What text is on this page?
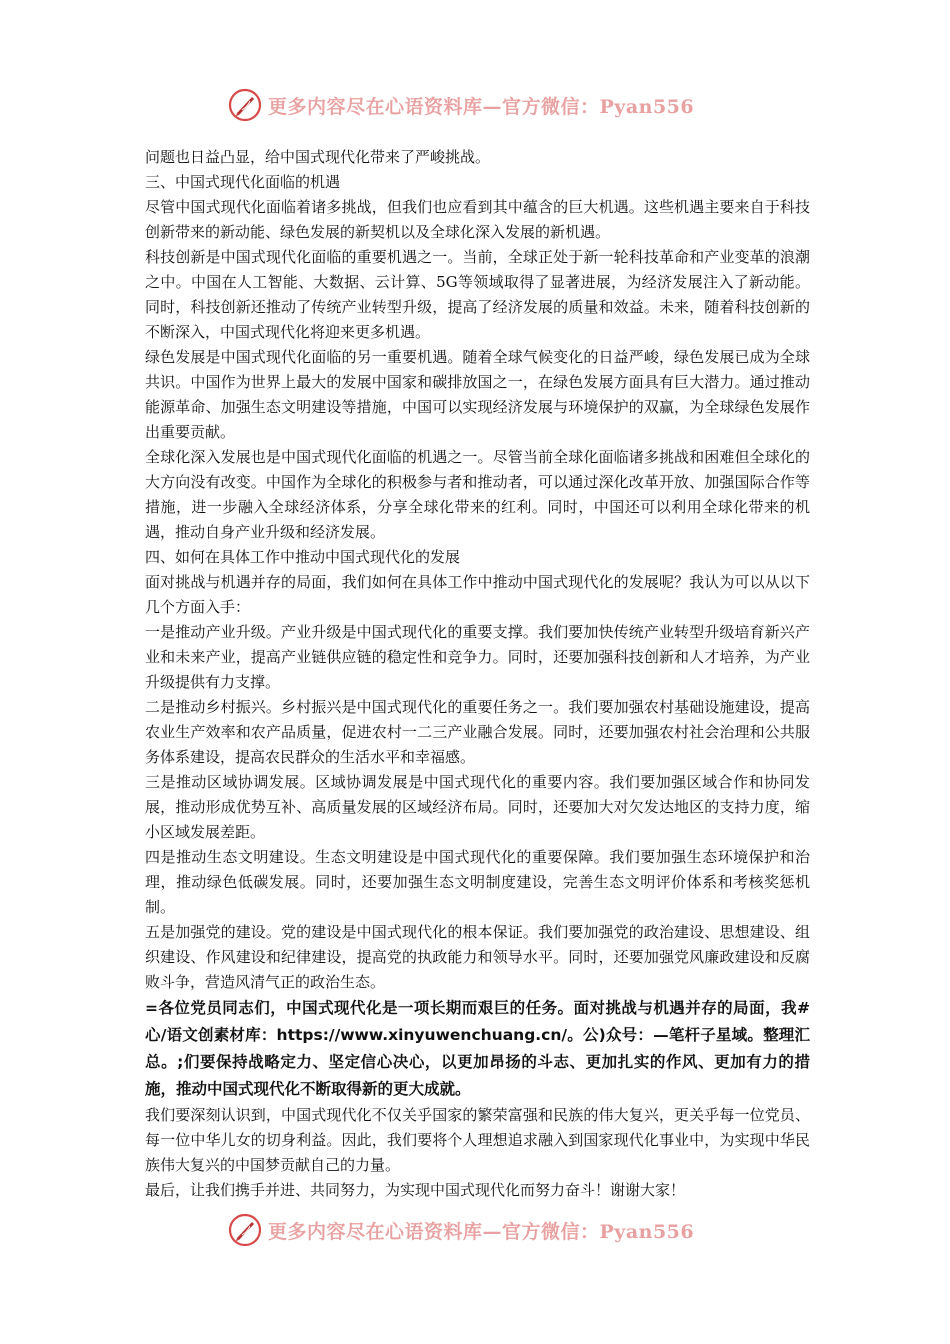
更多内容尽在心语资料库—官方微信：Pyan556

问题也日益凸显，给中国式现代化带来了严峻挑战。

三、中国式现代化面临的机遇

尽管中国式现代化面临着诸多挑战，但我们也应看到其中蕴含的巨大机遇。这些机遇主要来自于科技创新带来的新动能、绿色发展的新契机以及全球化深入发展的新机遇。

科技创新是中国式现代化面临的重要机遇之一。当前，全球正处于新一轮科技革命和产业变革的浪潮之中。中国在人工智能、大数据、云计算、5G等领域取得了显著进展，为经济发展注入了新动能。同时，科技创新还推动了传统产业转型升级，提高了经济发展的质量和效益。未来，随着科技创新的不断深入，中国式现代化将迎来更多机遇。

绿色发展是中国式现代化面临的另一重要机遇。随着全球气候变化的日益严峻，绿色发展已成为全球共识。中国作为世界上最大的发展中国家和碳排放国之一，在绿色发展方面具有巨大潜力。通过推动能源革命、加强生态文明建设等措施，中国可以实现经济发展与环境保护的双赢，为全球绿色发展作出重要贡献。

全球化深入发展也是中国式现代化面临的机遇之一。尽管当前全球化面临诸多挑战和困难但全球化的大方向没有改变。中国作为全球化的积极参与者和推动者，可以通过深化改革开放、加强国际合作等措施，进一步融入全球经济体系，分享全球化带来的红利。同时，中国还可以利用全球化带来的机遇，推动自身产业升级和经济发展。

四、如何在具体工作中推动中国式现代化的发展

面对挑战与机遇并存的局面，我们如何在具体工作中推动中国式现代化的发展呢？我认为可以从以下几个方面入手：

一是推动产业升级。产业升级是中国式现代化的重要支撑。我们要加快传统产业转型升级培育新兴产业和未来产业，提高产业链供应链的稳定性和竞争力。同时，还要加强科技创新和人才培养，为产业升级提供有力支撑。

二是推动乡村振兴。乡村振兴是中国式现代化的重要任务之一。我们要加强农村基础设施建设，提高农业生产效率和农产品质量，促进农村一二三产业融合发展。同时，还要加强农村社会治理和公共服务体系建设，提高农民群众的生活水平和幸福感。

三是推动区域协调发展。区域协调发展是中国式现代化的重要内容。我们要加强区域合作和协同发展，推动形成优势互补、高质量发展的区域经济布局。同时，还要加大对欠发达地区的支持力度，缩小区域发展差距。

四是推动生态文明建设。生态文明建设是中国式现代化的重要保障。我们要加强生态环境保护和治理，推动绿色低碳发展。同时，还要加强生态文明制度建设，完善生态文明评价体系和考核奖惩机制。

五是加强党的建设。党的建设是中国式现代化的根本保证。我们要加强党的政治建设、思想建设、组织建设、作风建设和纪律建设，提高党的执政能力和领导水平。同时，还要加强党风廉政建设和反腐败斗争，营造风清气正的政治生态。

=各位党员同志们，中国式现代化是一项长期而艰巨的任务。面对挑战与机遇并存的局面，我#心/语文创素材库：https://www.xinyuwenchuang.cn/。公)众号：—笔杆子星域。整理汇总。;们要保持战略定力、坚定信心决心，以更加昂扬的斗志、更加扎实的作风、更加有力的措施，推动中国式现代化不断取得新的更大成就。

我们要深刻认识到，中国式现代化不仅关乎国家的繁荣富强和民族的伟大复兴，更关乎每一位党员、每一位中华儿女的切身利益。因此，我们要将个人理想追求融入到国家现代化事业中，为实现中华民族伟大复兴的中国梦贡献自己的力量。

最后，让我们携手并进、共同努力，为实现中国式现代化而努力奋斗！谢谢大家！

更多内容尽在心语资料库—官方微信：Pyan556
